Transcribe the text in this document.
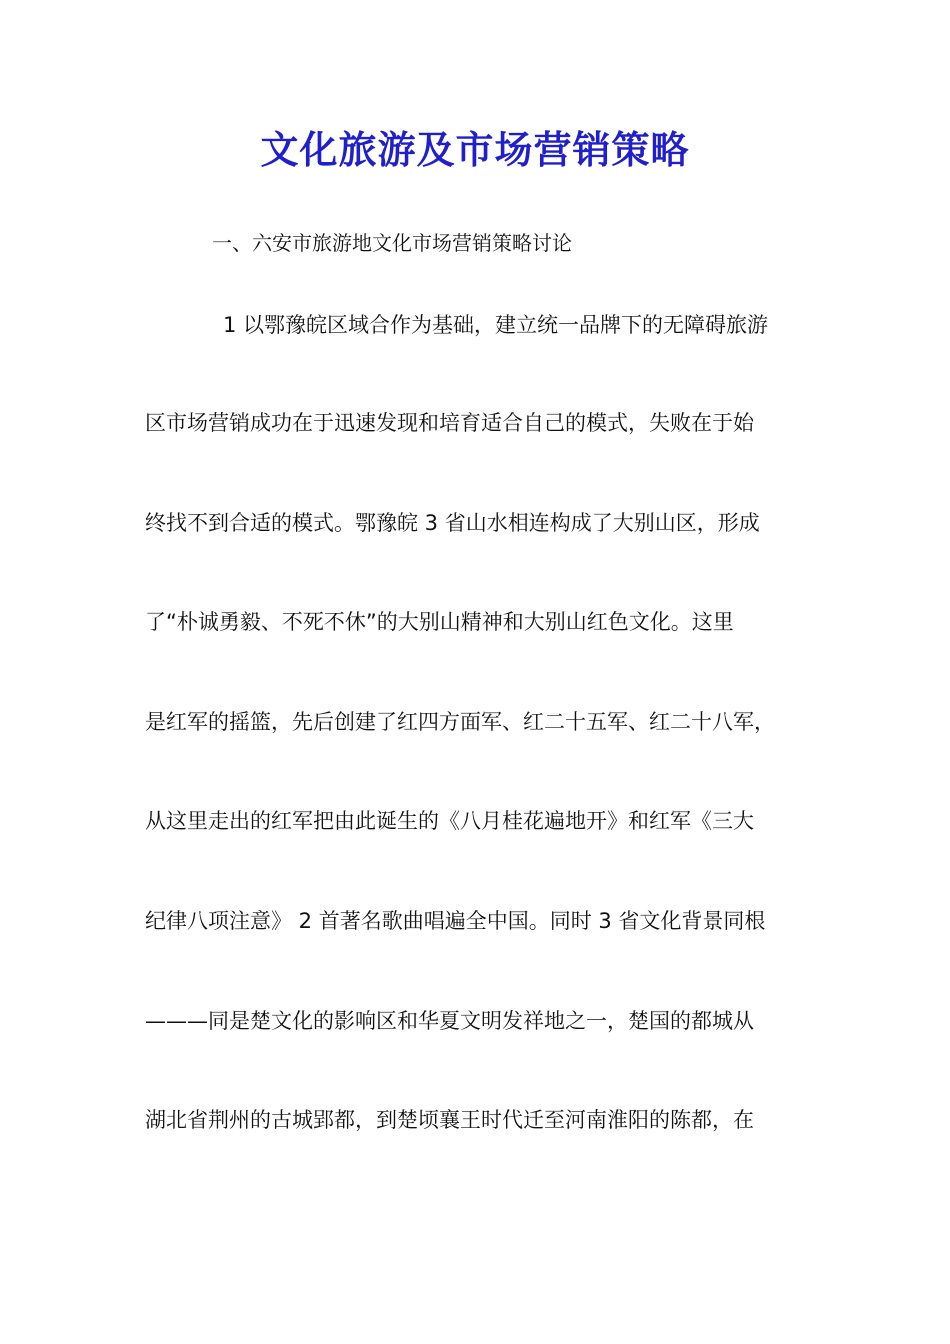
文化旅游及市场营销策略
一、六安市旅游地文化市场营销策略讨论
1 以鄂豫皖区域合作为基础，建立统一品牌下的无障碍旅游
区市场营销成功在于迅速发现和培育适合自己的模式，失败在于始
终找不到合适的模式。鄂豫皖 3 省山水相连构成了大别山区，形成
了“朴诚勇毅、不死不休”的大别山精神和大别山红色文化。这里
是红军的摇篮，先后创建了红四方面军、红二十五军、红二十八军，
从这里走出的红军把由此诞生的《八月桂花遍地开》和红军《三大
纪律八项注意》 2 首著名歌曲唱遍全中国。同时 3 省文化背景同根
———同是楚文化的影响区和华夏文明发祥地之一，楚国的都城从
湖北省荆州的古城郢都，到楚顷襄王时代迁至河南淮阳的陈都，在
